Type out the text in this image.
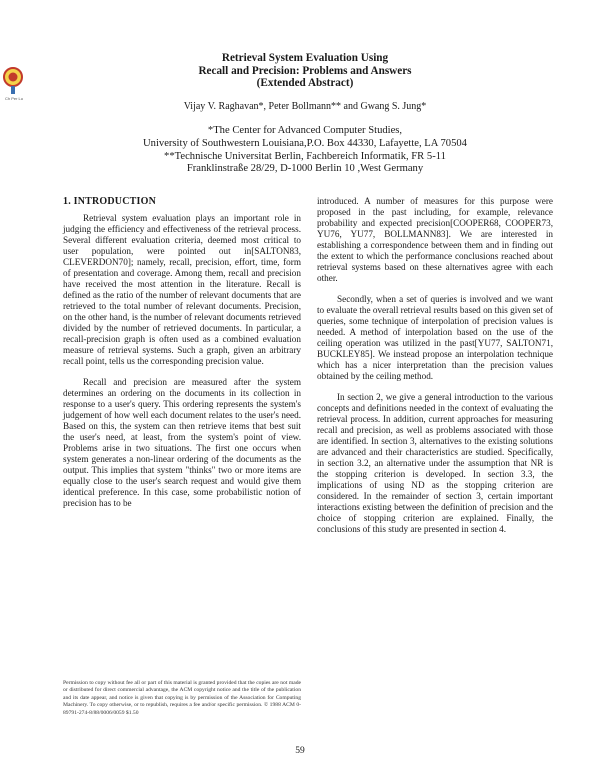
Ch Per Lu
Retrieval System Evaluation Using
Recall and Precision: Problems and Answers
(Extended Abstract)
Vijay V. Raghavan*, Peter Bollmann** and Gwang S. Jung*
*The Center for Advanced Computer Studies,
University of Southwestern Louisiana,P.O. Box 44330, Lafayette, LA 70504
**Technische Universitat Berlin, Fachbereich Informatik, FR 5-11
Franklinstraße 28/29, D-1000 Berlin 10 ,West Germany
1. INTRODUCTION

Retrieval system evaluation plays an important role in judging the efficiency and effectiveness of the retrieval process. Several different evaluation criteria, deemed most critical to user population, were pointed out in[SALTON83, CLEVERDON70]; namely, recall, precision, effort, time, form of presentation and coverage. Among them, recall and precision have received the most attention in the literature. Recall is defined as the ratio of the number of relevant documents that are retrieved to the total number of relevant documents. Precision, on the other hand, is the number of relevant documents retrieved divided by the number of retrieved documents. In particular, a recall-precision graph is often used as a combined evaluation measure of retrieval systems. Such a graph, given an arbitrary recall point, tells us the corresponding precision value.

Recall and precision are measured after the system determines an ordering on the documents in its collection in response to a user's query. This ordering represents the system's judgement of how well each document relates to the user's need. Based on this, the system can then retrieve items that best suit the user's need, at least, from the system's point of view. Problems arise in two situations. The first one occurs when system generates a non-linear ordering of the documents as the output. This implies that system "thinks" two or more items are equally close to the user's search request and would give them identical preference. In this case, some probabilistic notion of precision has to be

introduced. A number of measures for this purpose were proposed in the past including, for example, relevance probability and expected precision[COOPER68, COOPER73, YU76, YU77, BOLLMANN83]. We are interested in establishing a correspondence between them and in finding out the extent to which the performance conclusions reached about retrieval systems based on these alternatives agree with each other.

Secondly, when a set of queries is involved and we want to evaluate the overall retrieval results based on this given set of queries, some technique of interpolation of precision values is needed. A method of interpolation based on the use of the ceiling operation was utilized in the past[YU77, SALTON71, BUCKLEY85]. We instead propose an interpolation technique which has a nicer interpretation than the precision values obtained by the ceiling method.

In section 2, we give a general introduction to the various concepts and definitions needed in the context of evaluating the retrieval process. In addition, current approaches for measuring recall and precision, as well as problems associated with those are identified. In section 3, alternatives to the existing solutions are advanced and their characteristics are studied. Specifically, in section 3.2, an alternative under the assumption that NR is the stopping criterion is developed. In section 3.3, the implications of using ND as the stopping criterion are considered. In the remainder of section 3, certain important interactions existing between the definition of precision and the choice of stopping criterion are explained. Finally, the conclusions of this study are presented in section 4.

Permission to copy without fee all or part of this material is granted provided that the copies are not made or distributed for direct commercial advantage, the ACM copyright notice and the title of the publication and its date appear, and notice is given that copying is by permission of the Association for Computing Machinery. To copy otherwise, or to republish, requires a fee and/or specific permission. © 1988 ACM 0-89791-274-8/88/0006/0059 $1.50
59
